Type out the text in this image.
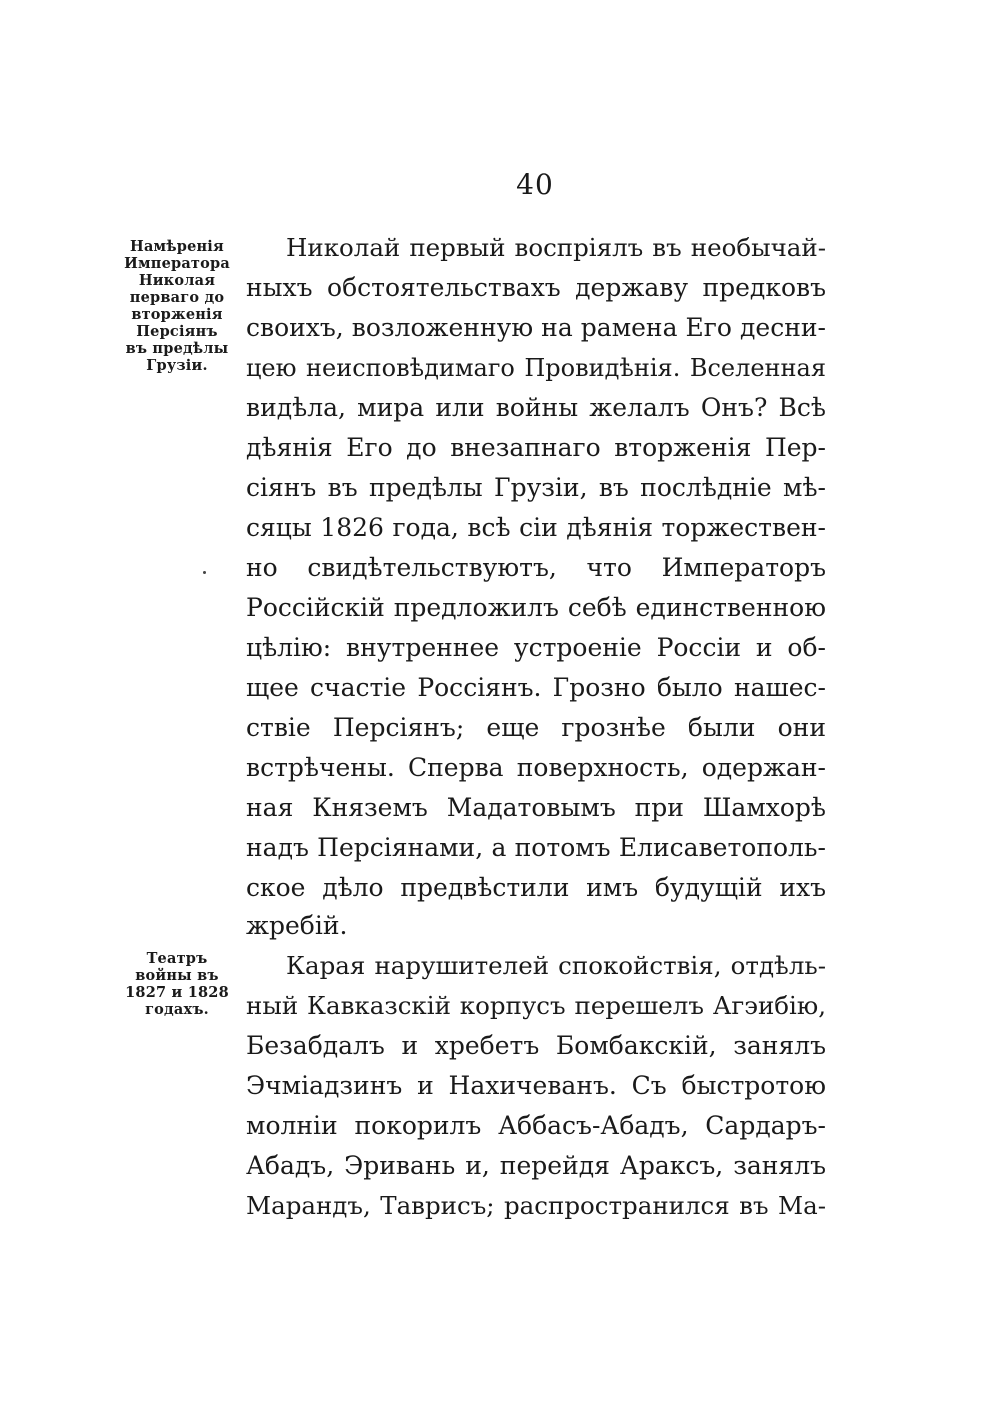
40
Намѣренія
Императора
Николая
перваго до
вторженія
Персіянъ
въ предѣлы
Грузіи.
Театръ
войны въ
1827 и 1828
годахъ.
Николай первый воспріялъ въ необычай-
ныхъ обстоятельствахъ державу предковъ
своихъ, возложенную на рамена Его десни-
цею неисповѣдимаго Провидѣнія. Вселенная
видѣла, мира или войны желалъ Онъ? Всѣ
дѣянія Его до внезапнаго вторженія Пер-
сіянъ въ предѣлы Грузіи, въ послѣдніе мѣ-
сяцы 1826 года, всѣ сіи дѣянія торжествен-
но свидѣтельствуютъ, что Императоръ
Россійскій предложилъ себѣ единственною
цѣлію: внутреннее устроеніе Россіи и об-
щее счастіе Россіянъ. Грозно было нашес-
ствіе Персіянъ; еще грознѣе были они
встрѣчены. Сперва поверхность, одержан-
ная Княземъ Мадатовымъ при Шамхорѣ
надъ Персіянами, а потомъ Елисаветополь-
ское дѣло предвѣстили имъ будущій ихъ
жребій.
Карая нарушителей спокойствія, отдѣль-
ный Кавказскій корпусъ перешелъ Агэибію,
Безабдалъ и хребетъ Бомбакскій, занялъ
Эчміадзинъ и Нахичеванъ. Съ быстротою
молніи покорилъ Аббасъ-Абадъ, Сардаръ-
Абадъ, Эривань и, перейдя Араксъ, занялъ
Марандъ, Таврисъ; распространился въ Ма-
